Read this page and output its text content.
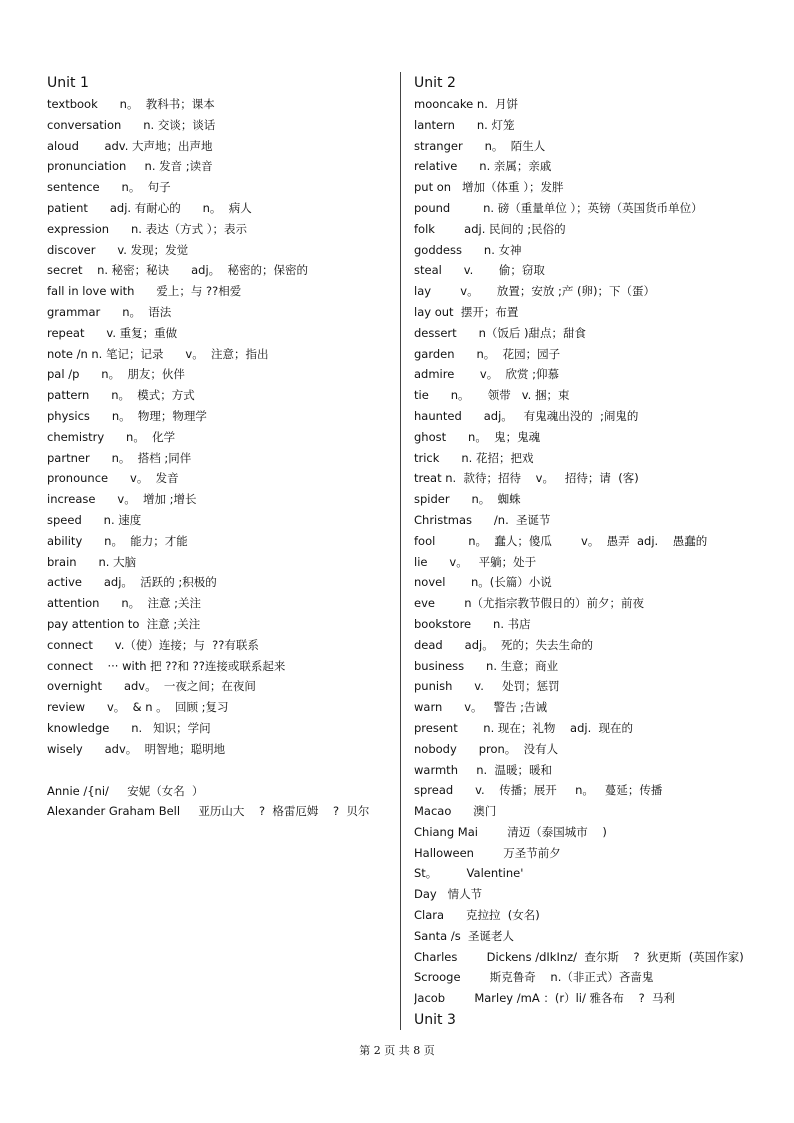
Unit 1
textbook      n。  教科书；课本
conversation      n. 交谈；谈话
aloud       adv. 大声地；出声地
pronunciation     n. 发音 ;读音
sentence      n。  句子
patient      adj. 有耐心的      n。  病人
expression      n. 表达（方式 ）；表示
discover      v. 发现；发觉
secret    n. 秘密；秘诀      adj。  秘密的；保密的
fall in love with      爱上；与 ??相爱
grammar      n。  语法
repeat      v. 重复；重做
note /n n. 笔记；记录      v。  注意；指出
pal /p      n。  朋友；伙伴
pattern      n。  模式；方式
physics      n。  物理；物理学
chemistry      n。  化学
partner      n。  搭档 ;同伴
pronounce      v。  发音
increase      v。  增加 ;增长
speed      n. 速度
ability      n。  能力；才能
brain      n. 大脑
active      adj。  活跃的 ;积极的
attention      n。  注意 ;关注
pay attention to  注意 ;关注
connect      v.（使）连接；与  ??有联系
connect    ··· with 把 ??和 ??连接或联系起来
overnight      adv。  一夜之间；在夜间
review      v。  & n 。  回顾 ;复习
knowledge      n.   知识；学问
wisely      adv。  明智地；聪明地
Annie /{ni/     安妮（女名  ）
Alexander Graham Bell     亚历山大    ?  格雷厄姆    ?  贝尔
Unit 2
mooncake n.  月饼
lantern      n. 灯笼
stranger      n。  陌生人
relative      n. 亲属；亲戚
put on   增加（体重 ）；发胖
pound         n. 磅（重量单位 ）；英镑（英国货币单位）
folk        adj. 民间的 ;民俗的
goddess      n. 女神
steal      v.       偷；窃取
lay        v。     放置；安放 ;产 (卵)；下（蛋）
lay out  摆开；布置
dessert      n（饭后 )甜点；甜食
garden      n。  花园；园子
admire       v。  欣赏 ;仰慕
tie      n。     领带   v. 捆；束
haunted      adj。   有鬼魂出没的  ;闹鬼的
ghost      n。  鬼；鬼魂
trick      n. 花招；把戏
treat n.  款待；招待    v。   招待；请  (客)
spider      n。  蜘蛛
Christmas      /n.  圣诞节
fool         n。  蠢人；傻瓜        v。  愚弄  adj.    愚蠢的
lie      v。   平躺；处于
novel       n。(长篇）小说
eve        n（尤指宗教节假日的）前夕；前夜
bookstore      n. 书店
dead      adj。  死的；失去生命的
business      n. 生意；商业
punish      v.     处罚；惩罚
warn      v。   警告 ;告诫
present       n. 现在；礼物    adj.  现在的
nobody      pron。  没有人
warmth     n.  温暖；暖和
spread      v.    传播；展开     n。   蔓延；传播
Macao      澳门
Chiang Mai        清迈（泰国城市    )
Halloween        万圣节前夕
St。        Valentine'
Day   情人节
Clara      克拉拉  (女名)
Santa /s  圣诞老人
Charles        Dickens /dIkInz/  查尔斯    ?  狄更斯  (英国作家)
Scrooge        斯克鲁奇    n.（非正式）吝啬鬼
Jacob        Marley /mA ：(r）li/ 雅各布    ?  马利
Unit 3
第 2 页 共 8 页
